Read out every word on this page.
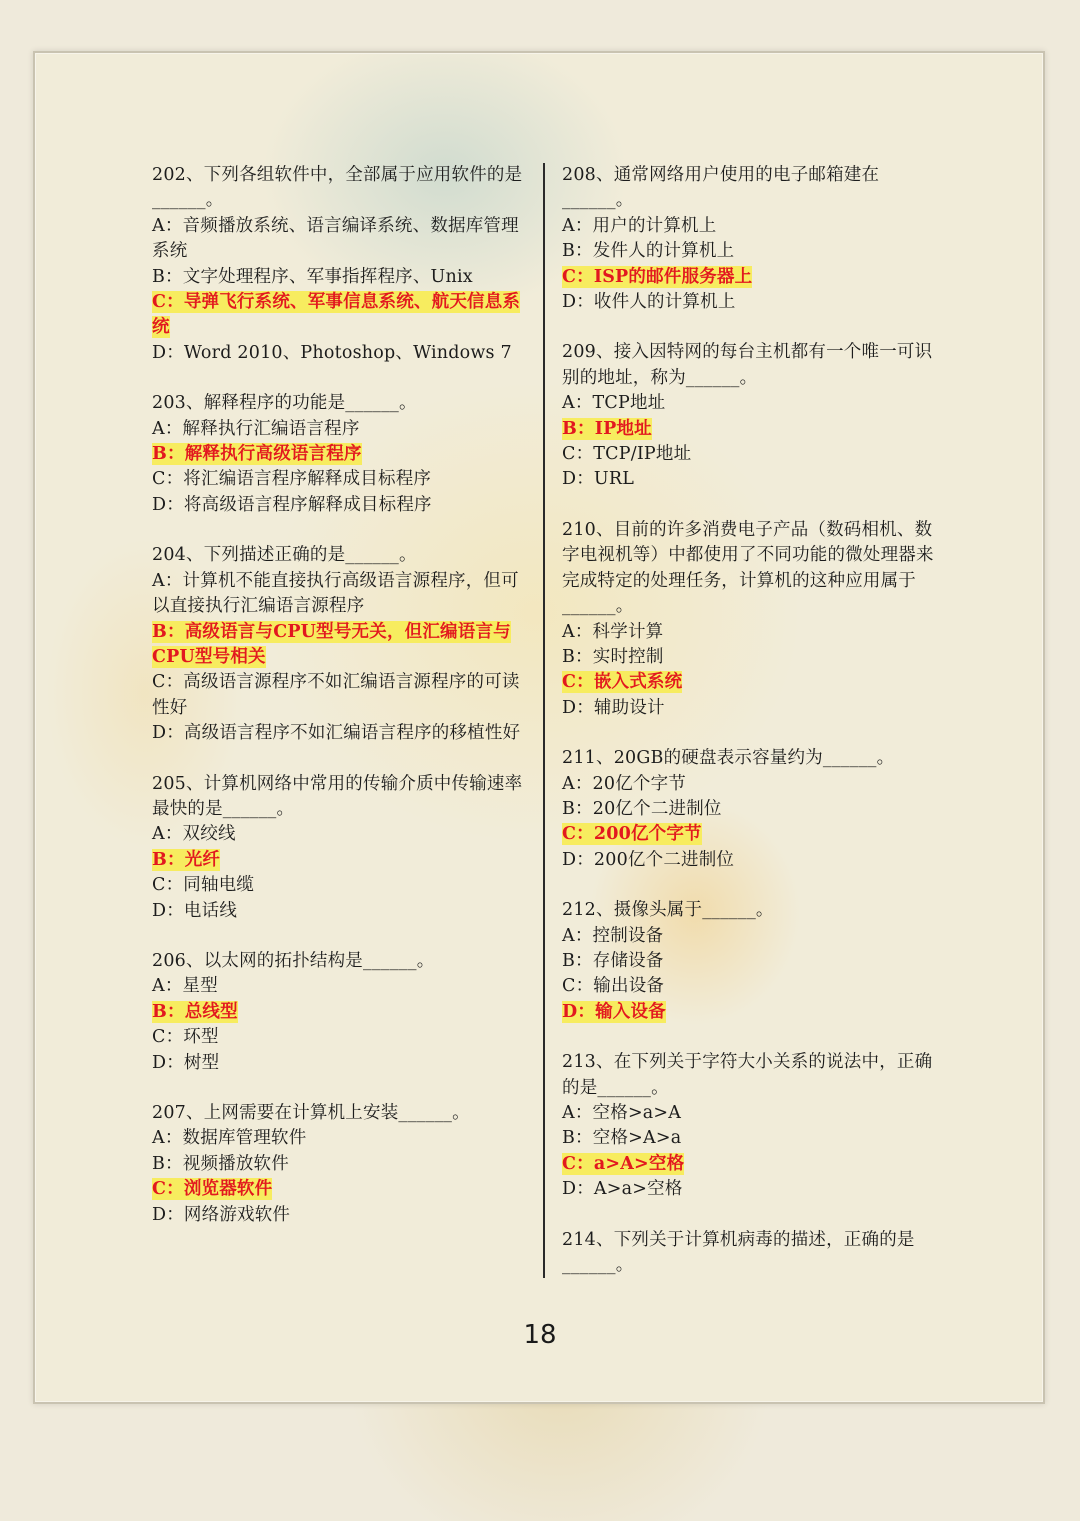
202、下列各组软件中，全部属于应用软件的是______。
A：音频播放系统、语言编译系统、数据库管理系统
B：文字处理程序、军事指挥程序、Unix
C：导弹飞行系统、军事信息系统、航天信息系统
D：Word 2010、Photoshop、Windows 7
203、解释程序的功能是______。
A：解释执行汇编语言程序
B：解释执行高级语言程序
C：将汇编语言程序解释成目标程序
D：将高级语言程序解释成目标程序
204、下列描述正确的是______。
A：计算机不能直接执行高级语言源程序，但可以直接执行汇编语言源程序
B：高级语言与CPU型号无关，但汇编语言与CPU型号相关
C：高级语言源程序不如汇编语言源程序的可读性好
D：高级语言程序不如汇编语言程序的移植性好
205、计算机网络中常用的传输介质中传输速率最快的是______。
A：双绞线
B：光纤
C：同轴电缆
D：电话线
206、以太网的拓扑结构是______。
A：星型
B：总线型
C：环型
D：树型
207、上网需要在计算机上安装______。
A：数据库管理软件
B：视频播放软件
C：浏览器软件
D：网络游戏软件
208、通常网络用户使用的电子邮箱建在______。
A：用户的计算机上
B：发件人的计算机上
C：ISP的邮件服务器上
D：收件人的计算机上
209、接入因特网的每台主机都有一个唯一可识别的地址，称为______。
A：TCP地址
B：IP地址
C：TCP/IP地址
D：URL
210、目前的许多消费电子产品（数码相机、数字电视机等）中都使用了不同功能的微处理器来完成特定的处理任务，计算机的这种应用属于______。
A：科学计算
B：实时控制
C：嵌入式系统
D：辅助设计
211、20GB的硬盘表示容量约为______。
A：20亿个字节
B：20亿个二进制位
C：200亿个字节
D：200亿个二进制位
212、摄像头属于______。
A：控制设备
B：存储设备
C：输出设备
D：输入设备
213、在下列关于字符大小关系的说法中，正确的是______。
A：空格>a>A
B：空格>A>a
C：a>A>空格
D：A>a>空格
214、下列关于计算机病毒的描述，正确的是______。
18
